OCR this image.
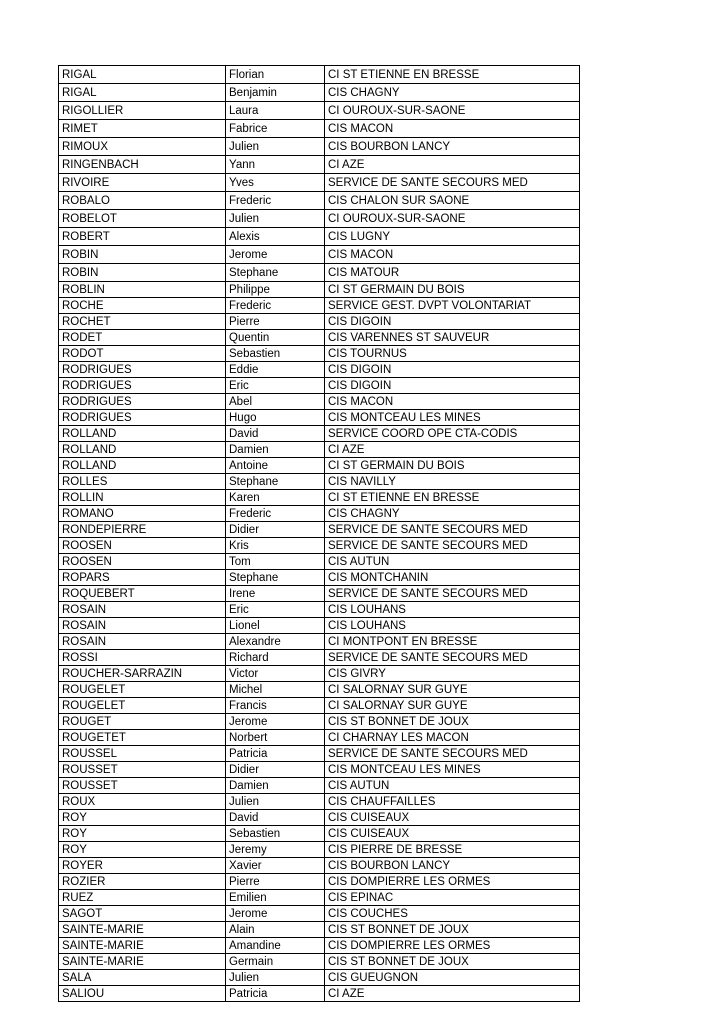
RIGAL	Florian	CI ST ETIENNE EN BRESSE
RIGAL	Benjamin	CIS CHAGNY
RIGOLLIER	Laura	CI OUROUX-SUR-SAONE
RIMET	Fabrice	CIS MACON
RIMOUX	Julien	CIS BOURBON LANCY
RINGENBACH	Yann	CI AZE
RIVOIRE	Yves	SERVICE DE SANTE SECOURS MED
ROBALO	Frederic	CIS CHALON SUR SAONE
ROBELOT	Julien	CI OUROUX-SUR-SAONE
ROBERT	Alexis	CIS LUGNY
ROBIN	Jerome	CIS MACON
ROBIN	Stephane	CIS MATOUR
ROBLIN	Philippe	CI ST GERMAIN DU BOIS
ROCHE	Frederic	SERVICE GEST. DVPT VOLONTARIAT
ROCHET	Pierre	CIS DIGOIN
RODET	Quentin	CIS VARENNES ST SAUVEUR
RODOT	Sebastien	CIS TOURNUS
RODRIGUES	Eddie	CIS DIGOIN
RODRIGUES	Eric	CIS DIGOIN
RODRIGUES	Abel	CIS MACON
RODRIGUES	Hugo	CIS MONTCEAU LES MINES
ROLLAND	David	SERVICE COORD OPE CTA-CODIS
ROLLAND	Damien	CI AZE
ROLLAND	Antoine	CI ST GERMAIN DU BOIS
ROLLES	Stephane	CIS NAVILLY
ROLLIN	Karen	CI ST ETIENNE EN BRESSE
ROMANO	Frederic	CIS CHAGNY
RONDEPIERRE	Didier	SERVICE DE SANTE SECOURS MED
ROOSEN	Kris	SERVICE DE SANTE SECOURS MED
ROOSEN	Tom	CIS AUTUN
ROPARS	Stephane	CIS MONTCHANIN
ROQUEBERT	Irene	SERVICE DE SANTE SECOURS MED
ROSAIN	Eric	CIS LOUHANS
ROSAIN	Lionel	CIS LOUHANS
ROSAIN	Alexandre	CI MONTPONT EN BRESSE
ROSSI	Richard	SERVICE DE SANTE SECOURS MED
ROUCHER-SARRAZIN	Victor	CIS GIVRY
ROUGELET	Michel	CI SALORNAY SUR GUYE
ROUGELET	Francis	CI SALORNAY SUR GUYE
ROUGET	Jerome	CIS ST BONNET DE JOUX
ROUGETET	Norbert	CI CHARNAY LES MACON
ROUSSEL	Patricia	SERVICE DE SANTE SECOURS MED
ROUSSET	Didier	CIS MONTCEAU LES MINES
ROUSSET	Damien	CIS AUTUN
ROUX	Julien	CIS CHAUFFAILLES
ROY	David	CIS CUISEAUX
ROY	Sebastien	CIS CUISEAUX
ROY	Jeremy	CIS PIERRE DE BRESSE
ROYER	Xavier	CIS BOURBON LANCY
ROZIER	Pierre	CIS DOMPIERRE LES ORMES
RUEZ	Emilien	CIS EPINAC
SAGOT	Jerome	CIS COUCHES
SAINTE-MARIE	Alain	CIS ST BONNET DE JOUX
SAINTE-MARIE	Amandine	CIS DOMPIERRE LES ORMES
SAINTE-MARIE	Germain	CIS ST BONNET DE JOUX
SALA	Julien	CIS GUEUGNON
SALIOU	Patricia	CI AZE
